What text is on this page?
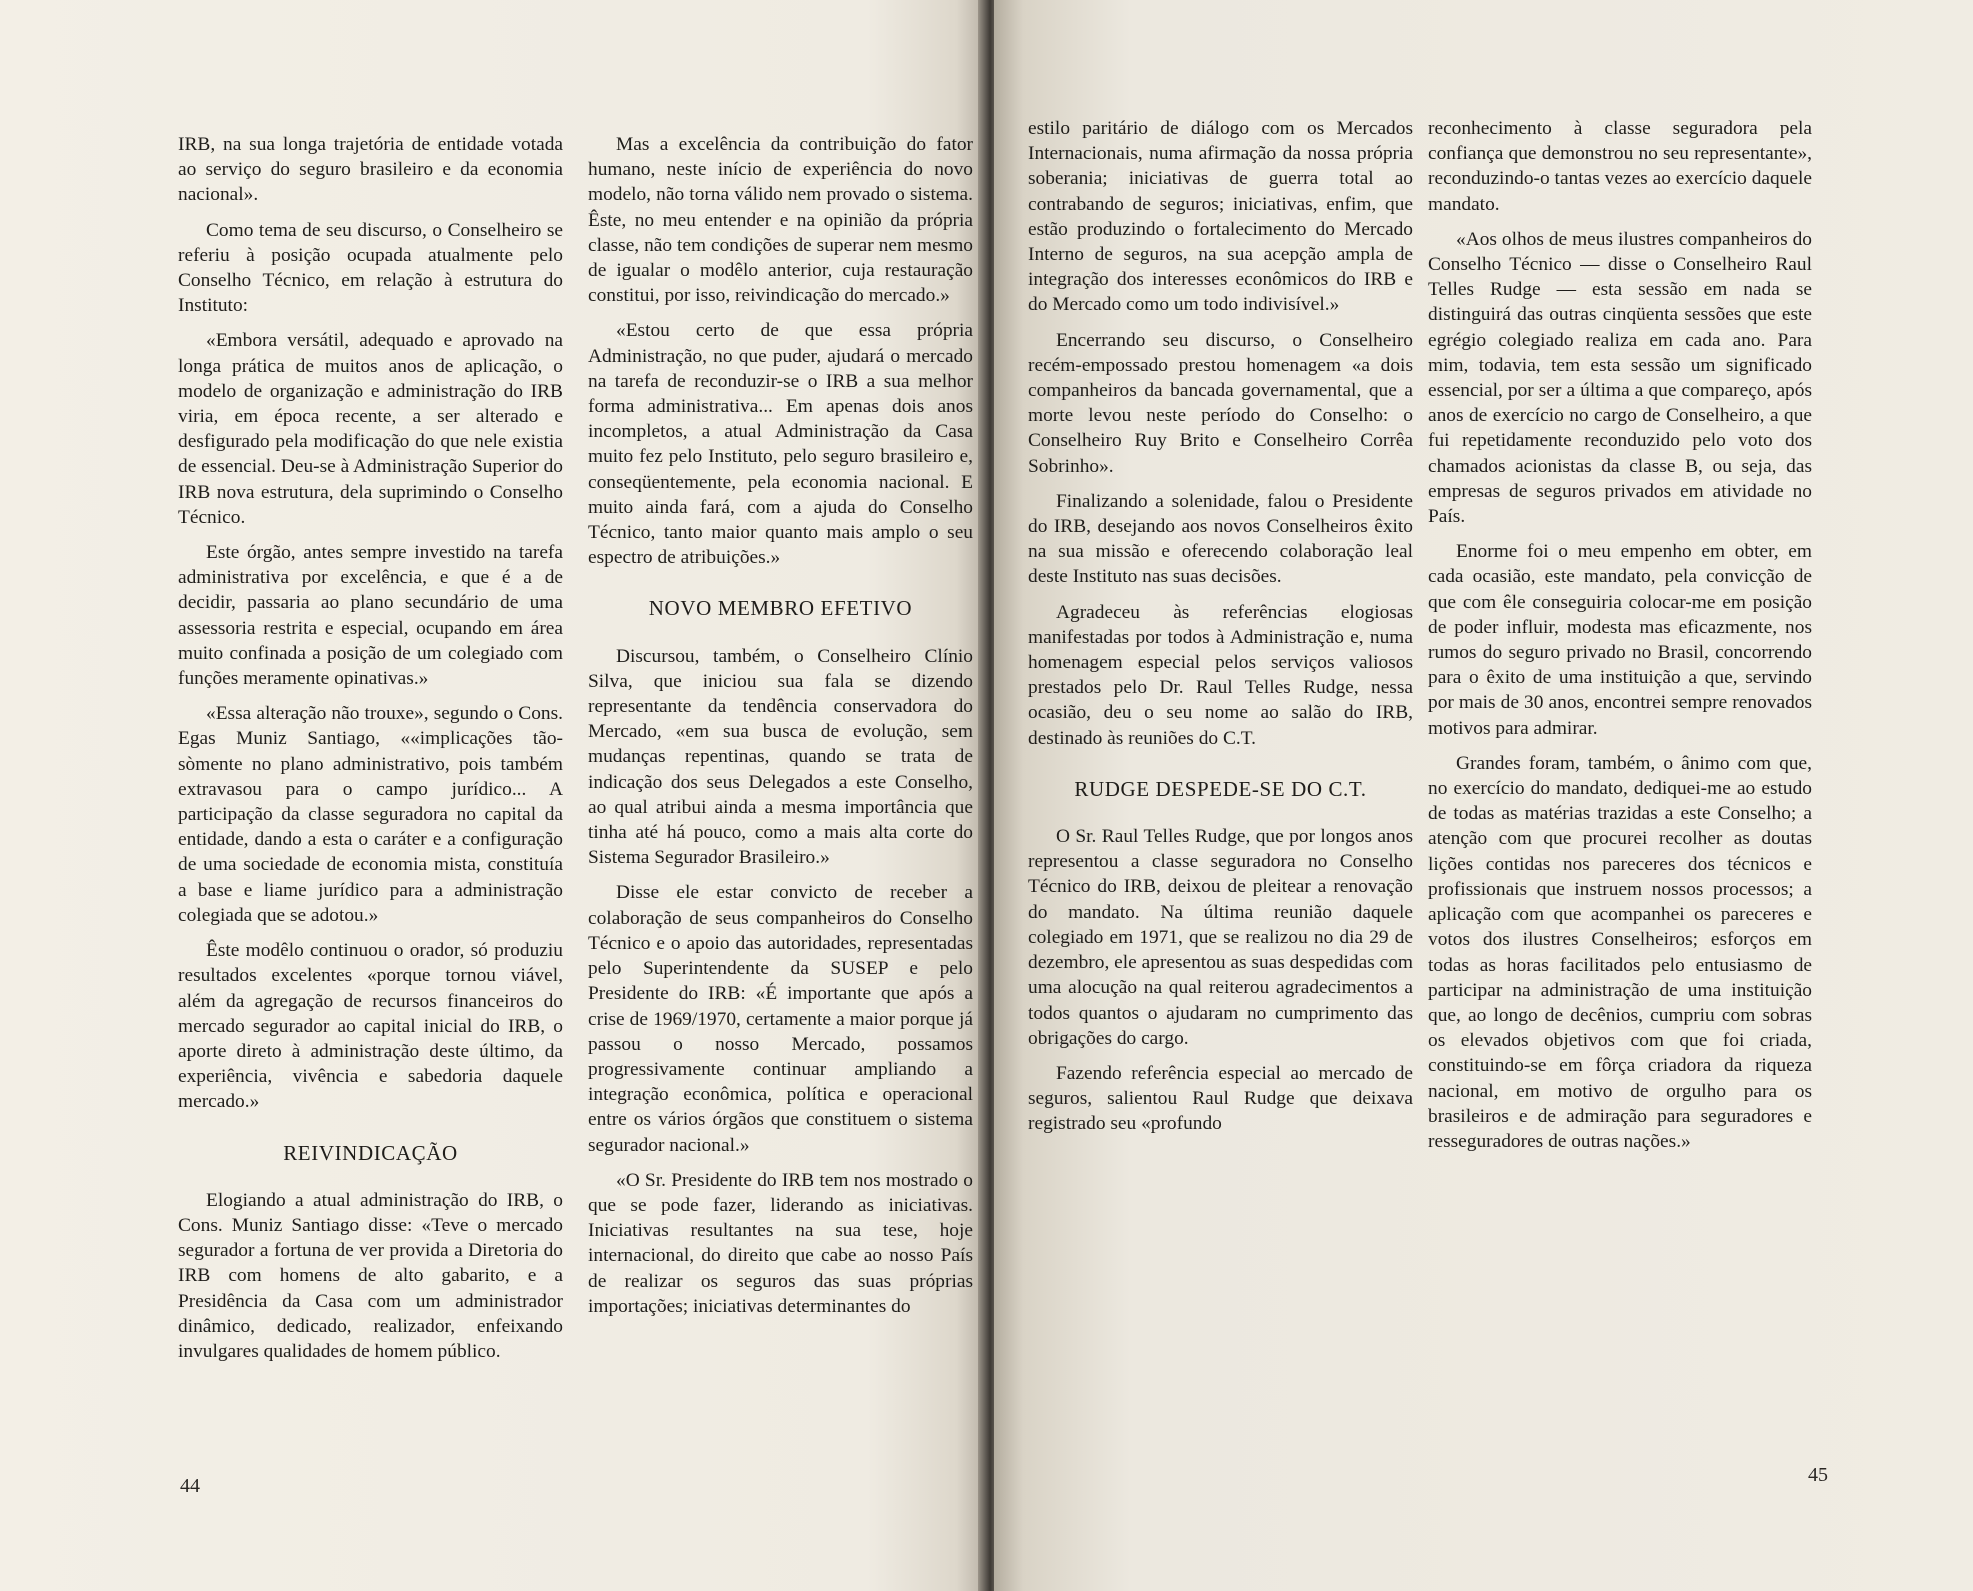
IRB, na sua longa trajetória de entidade votada ao serviço do seguro brasileiro e da economia nacional».

Como tema de seu discurso, o Conselheiro se referiu à posição ocupada atualmente pelo Conselho Técnico, em relação à estrutura do Instituto:

«Embora versátil, adequado e aprovado na longa prática de muitos anos de aplicação, o modelo de organização e administração do IRB viria, em época recente, a ser alterado e desfigurado pela modificação do que nele existia de essencial. Deu-se à Administração Superior do IRB nova estrutura, dela suprimindo o Conselho Técnico.

Este órgão, antes sempre investido na tarefa administrativa por excelência, e que é a de decidir, passaria ao plano secundário de uma assessoria restrita e especial, ocupando em área muito confinada a posição de um colegiado com funções meramente opinativas.»

«Essa alteração não trouxe», segundo o Cons. Egas Muniz Santiago, ««implicações tão-sòmente no plano administrativo, pois também extravasou para o campo jurídico... A participação da classe seguradora no capital da entidade, dando a esta o caráter e a configuração de uma sociedade de economia mista, constituía a base e liame jurídico para a administração colegiada que se adotou.»

Êste modêlo continuou o orador, só produziu resultados excelentes «porque tornou viável, além da agregação de recursos financeiros do mercado segurador ao capital inicial do IRB, o aporte direto à administração deste último, da experiência, vivência e sabedoria daquele mercado.»

REIVINDICAÇÃO

Elogiando a atual administração do IRB, o Cons. Muniz Santiago disse: «Teve o mercado segurador a fortuna de ver provida a Diretoria do IRB com homens de alto gabarito, e a Presidência da Casa com um administrador dinâmico, dedicado, realizador, enfeixando invulgares qualidades de homem público.

Mas a excelência da contribuição do fator humano, neste início de experiência do novo modelo, não torna válido nem provado o sistema. Êste, no meu entender e na opinião da própria classe, não tem condições de superar nem mesmo de igualar o modêlo anterior, cuja restauração constitui, por isso, reivindicação do mercado.»

«Estou certo de que essa própria Administração, no que puder, ajudará o mercado na tarefa de reconduzir-se o IRB a sua melhor forma administrativa... Em apenas dois anos incompletos, a atual Administração da Casa muito fez pelo Instituto, pelo seguro brasileiro e, conseqüentemente, pela economia nacional. E muito ainda fará, com a ajuda do Conselho Técnico, tanto maior quanto mais amplo o seu espectro de atribuições.»

NOVO MEMBRO EFETIVO

Discursou, também, o Conselheiro Clínio Silva, que iniciou sua fala se dizendo representante da tendência conservadora do Mercado, «em sua busca de evolução, sem mudanças repentinas, quando se trata de indicação dos seus Delegados a este Conselho, ao qual atribui ainda a mesma importância que tinha até há pouco, como a mais alta corte do Sistema Segurador Brasileiro.»

Disse ele estar convicto de receber a colaboração de seus companheiros do Conselho Técnico e o apoio das autoridades, representadas pelo Superintendente da SUSEP e pelo Presidente do IRB: «É importante que após a crise de 1969/1970, certamente a maior porque já passou o nosso Mercado, possamos progressivamente continuar ampliando a integração econômica, política e operacional entre os vários órgãos que constituem o sistema segurador nacional.»

«O Sr. Presidente do IRB tem nos mostrado o que se pode fazer, liderando as iniciativas. Iniciativas resultantes na sua tese, hoje internacional, do direito que cabe ao nosso País de realizar os seguros das suas próprias importações; iniciativas determinantes do

44

estilo paritário de diálogo com os Mercados Internacionais, numa afirmação da nossa própria soberania; iniciativas de guerra total ao contrabando de seguros; iniciativas, enfim, que estão produzindo o fortalecimento do Mercado Interno de seguros, na sua acepção ampla de integração dos interesses econômicos do IRB e do Mercado como um todo indivisível.»

Encerrando seu discurso, o Conselheiro recém-empossado prestou homenagem «a dois companheiros da bancada governamental, que a morte levou neste período do Conselho: o Conselheiro Ruy Brito e Conselheiro Corrêa Sobrinho».

Finalizando a solenidade, falou o Presidente do IRB, desejando aos novos Conselheiros êxito na sua missão e oferecendo colaboração leal deste Instituto nas suas decisões.

Agradeceu às referências elogiosas manifestadas por todos à Administração e, numa homenagem especial pelos serviços valiosos prestados pelo Dr. Raul Telles Rudge, nessa ocasião, deu o seu nome ao salão do IRB, destinado às reuniões do C.T.

RUDGE DESPEDE-SE DO C.T.

O Sr. Raul Telles Rudge, que por longos anos representou a classe seguradora no Conselho Técnico do IRB, deixou de pleitear a renovação do mandato. Na última reunião daquele colegiado em 1971, que se realizou no dia 29 de dezembro, ele apresentou as suas despedidas com uma alocução na qual reiterou agradecimentos a todos quantos o ajudaram no cumprimento das obrigações do cargo.

Fazendo referência especial ao mercado de seguros, salientou Raul Rudge que deixava registrado seu «profundo

reconhecimento à classe seguradora pela confiança que demonstrou no seu representante», reconduzindo-o tantas vezes ao exercício daquele mandato.

«Aos olhos de meus ilustres companheiros do Conselho Técnico — disse o Conselheiro Raul Telles Rudge — esta sessão em nada se distinguirá das outras cinqüenta sessões que este egrégio colegiado realiza em cada ano. Para mim, todavia, tem esta sessão um significado essencial, por ser a última a que compareço, após anos de exercício no cargo de Conselheiro, a que fui repetidamente reconduzido pelo voto dos chamados acionistas da classe B, ou seja, das empresas de seguros privados em atividade no País.

Enorme foi o meu empenho em obter, em cada ocasião, este mandato, pela convicção de que com êle conseguiria colocar-me em posição de poder influir, modesta mas eficazmente, nos rumos do seguro privado no Brasil, concorrendo para o êxito de uma instituição a que, servindo por mais de 30 anos, encontrei sempre renovados motivos para admirar.

Grandes foram, também, o ânimo com que, no exercício do mandato, dediquei-me ao estudo de todas as matérias trazidas a este Conselho; a atenção com que procurei recolher as doutas lições contidas nos pareceres dos técnicos e profissionais que instruem nossos processos; a aplicação com que acompanhei os pareceres e votos dos ilustres Conselheiros; esforços em todas as horas facilitados pelo entusiasmo de participar na administração de uma instituição que, ao longo de decênios, cumpriu com sobras os elevados objetivos com que foi criada, constituindo-se em fôrça criadora da riqueza nacional, em motivo de orgulho para os brasileiros e de admiração para seguradores e resseguradores de outras nações.»

45
